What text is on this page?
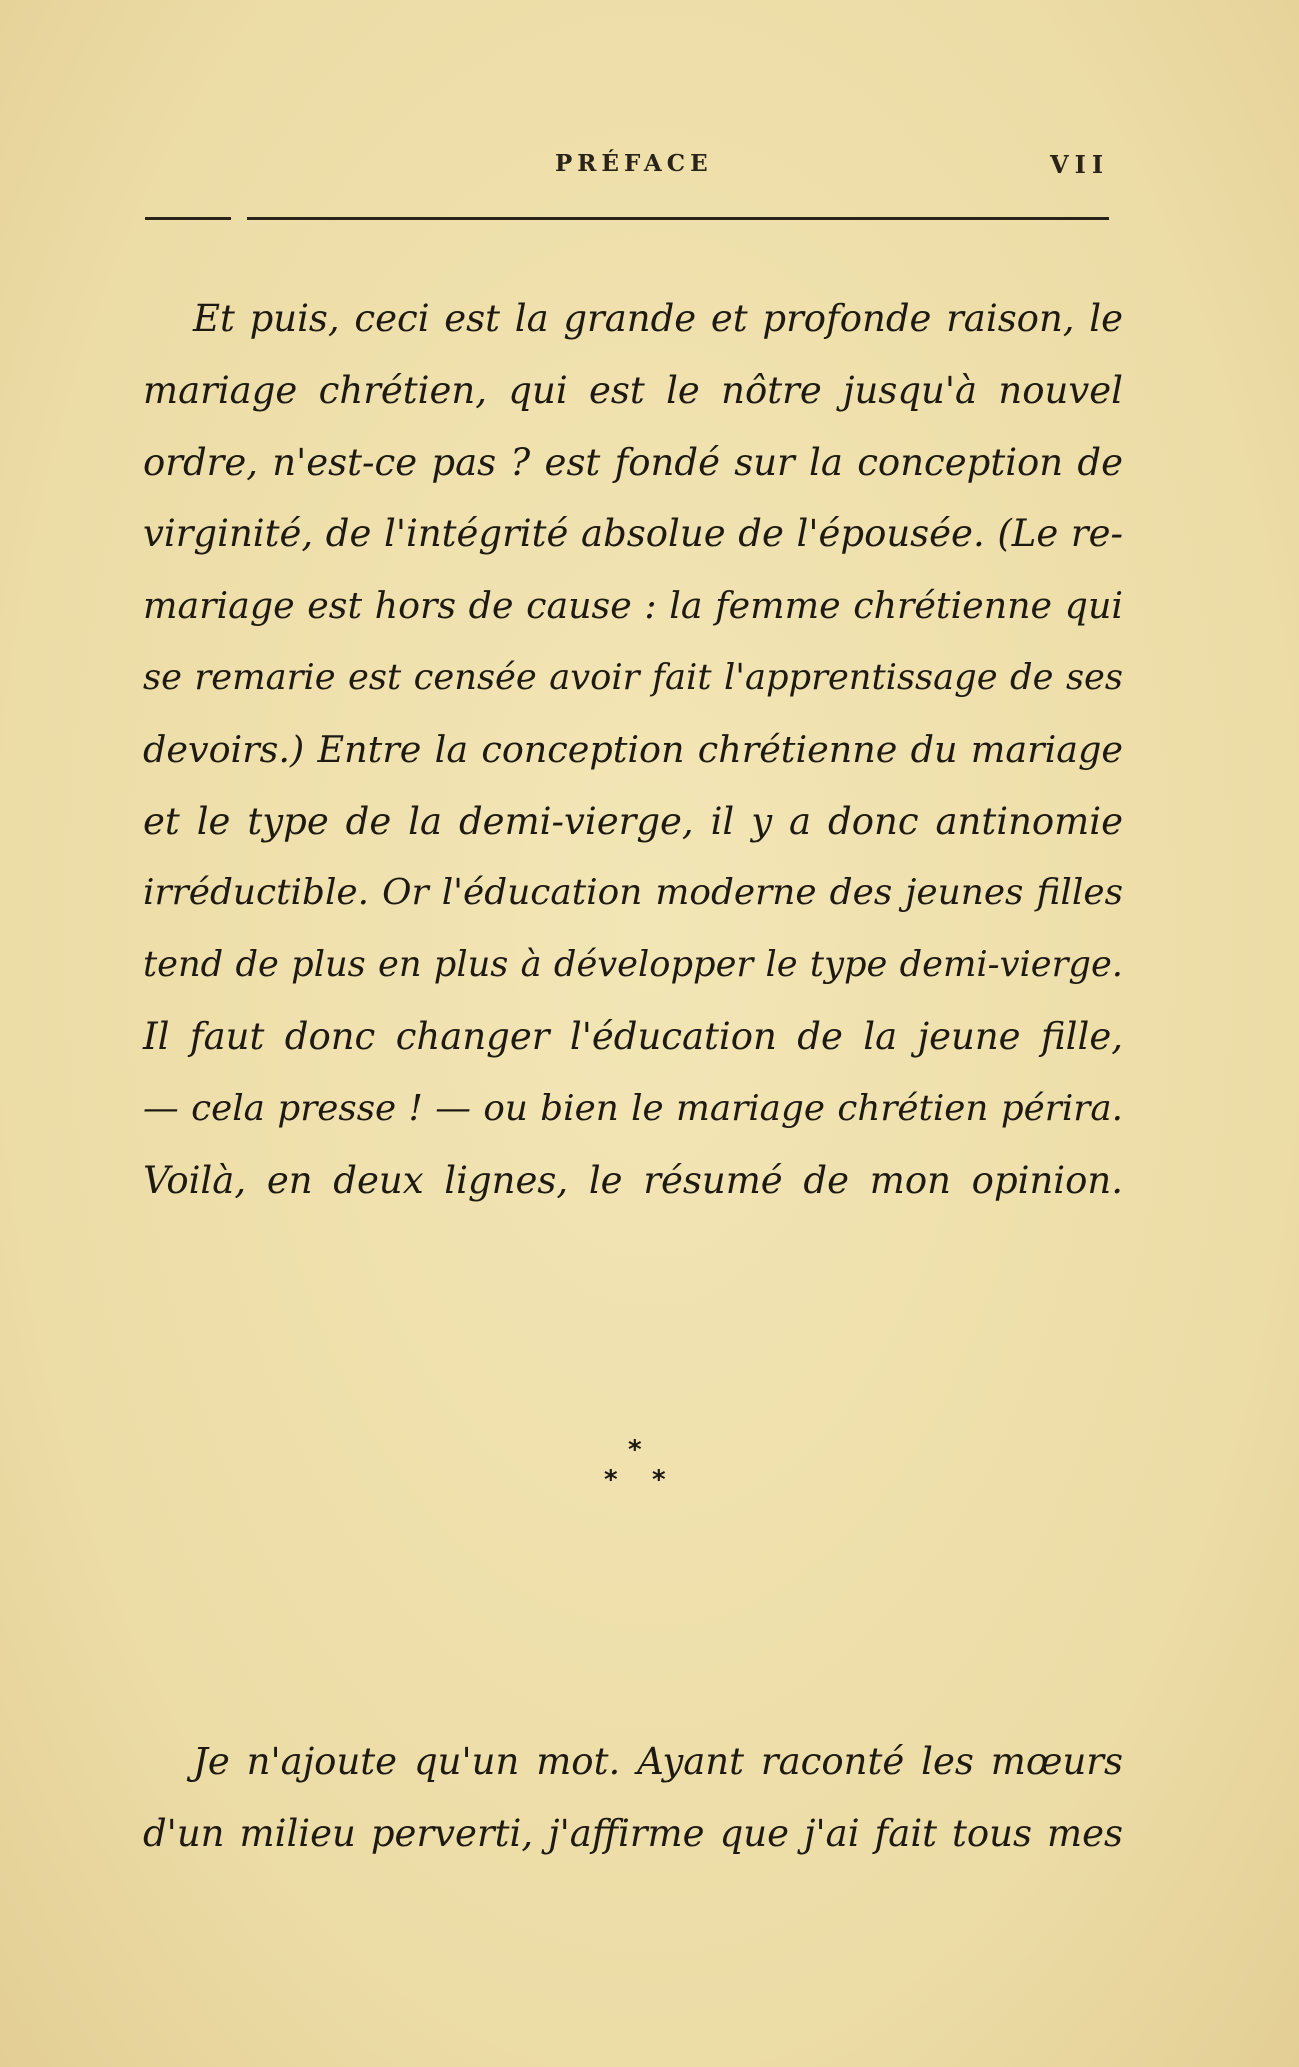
PRÉFACE	VII
Et puis, ceci est la grande et profonde raison, le
mariage chrétien, qui est le nôtre jusqu'à nouvel
ordre, n'est-ce pas ? est fondé sur la conception de
virginité, de l'intégrité absolue de l'épousée. (Le re-
mariage est hors de cause : la femme chrétienne qui
se remarie est censée avoir fait l'apprentissage de ses
devoirs.) Entre la conception chrétienne du mariage
et le type de la demi-vierge, il y a donc antinomie
irréductible. Or l'éducation moderne des jeunes filles
tend de plus en plus à développer le type demi-vierge.
Il faut donc changer l'éducation de la jeune fille,
— cela presse ! — ou bien le mariage chrétien périra.
Voilà, en deux lignes, le résumé de mon opinion.
*
* *
Je n'ajoute qu'un mot. Ayant raconté les mœurs
d'un milieu perverti, j'affirme que j'ai fait tous mes
